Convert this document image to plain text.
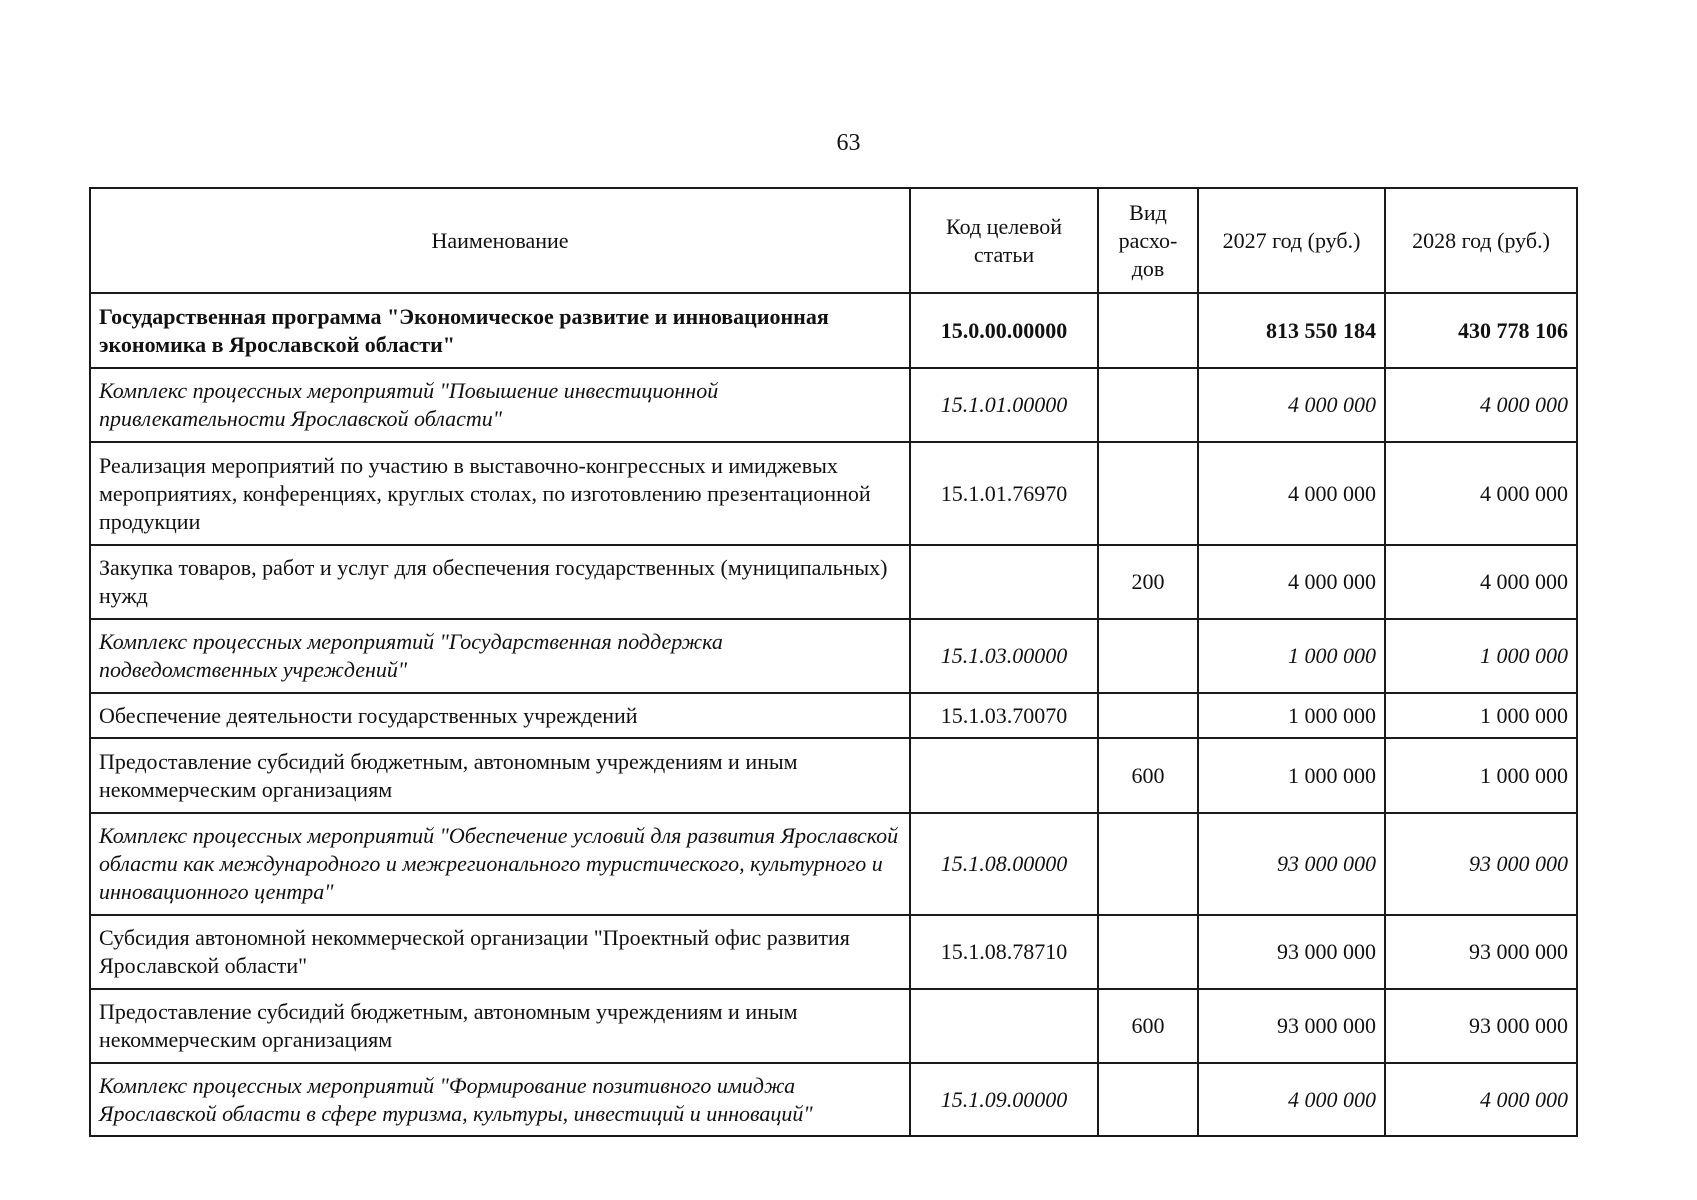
63
Наименование	Код целевой статьи	Вид расхо-дов	2027 год (руб.)	2028 год (руб.)
Государственная программа "Экономическое развитие и инновационная экономика в Ярославской области"	15.0.00.00000		813 550 184	430 778 106
Комплекс процессных мероприятий "Повышение инвестиционной привлекательности Ярославской области"	15.1.01.00000		4 000 000	4 000 000
Реализация мероприятий по участию в выставочно-конгрессных и имиджевых мероприятиях, конференциях, круглых столах, по изготовлению презентационной продукции	15.1.01.76970		4 000 000	4 000 000
Закупка товаров, работ и услуг для обеспечения государственных (муниципальных) нужд		200	4 000 000	4 000 000
Комплекс процессных мероприятий "Государственная поддержка подведомственных учреждений"	15.1.03.00000		1 000 000	1 000 000
Обеспечение деятельности государственных учреждений	15.1.03.70070		1 000 000	1 000 000
Предоставление субсидий бюджетным, автономным учреждениям и иным некоммерческим организациям		600	1 000 000	1 000 000
Комплекс процессных мероприятий "Обеспечение условий для развития Ярославской области как международного и межрегионального туристического, культурного и инновационного центра"	15.1.08.00000		93 000 000	93 000 000
Субсидия автономной некоммерческой организации "Проектный офис развития Ярославской области"	15.1.08.78710		93 000 000	93 000 000
Предоставление субсидий бюджетным, автономным учреждениям и иным некоммерческим организациям		600	93 000 000	93 000 000
Комплекс процессных мероприятий "Формирование позитивного имиджа Ярославской области в сфере туризма, культуры, инвестиций и инноваций"	15.1.09.00000		4 000 000	4 000 000
